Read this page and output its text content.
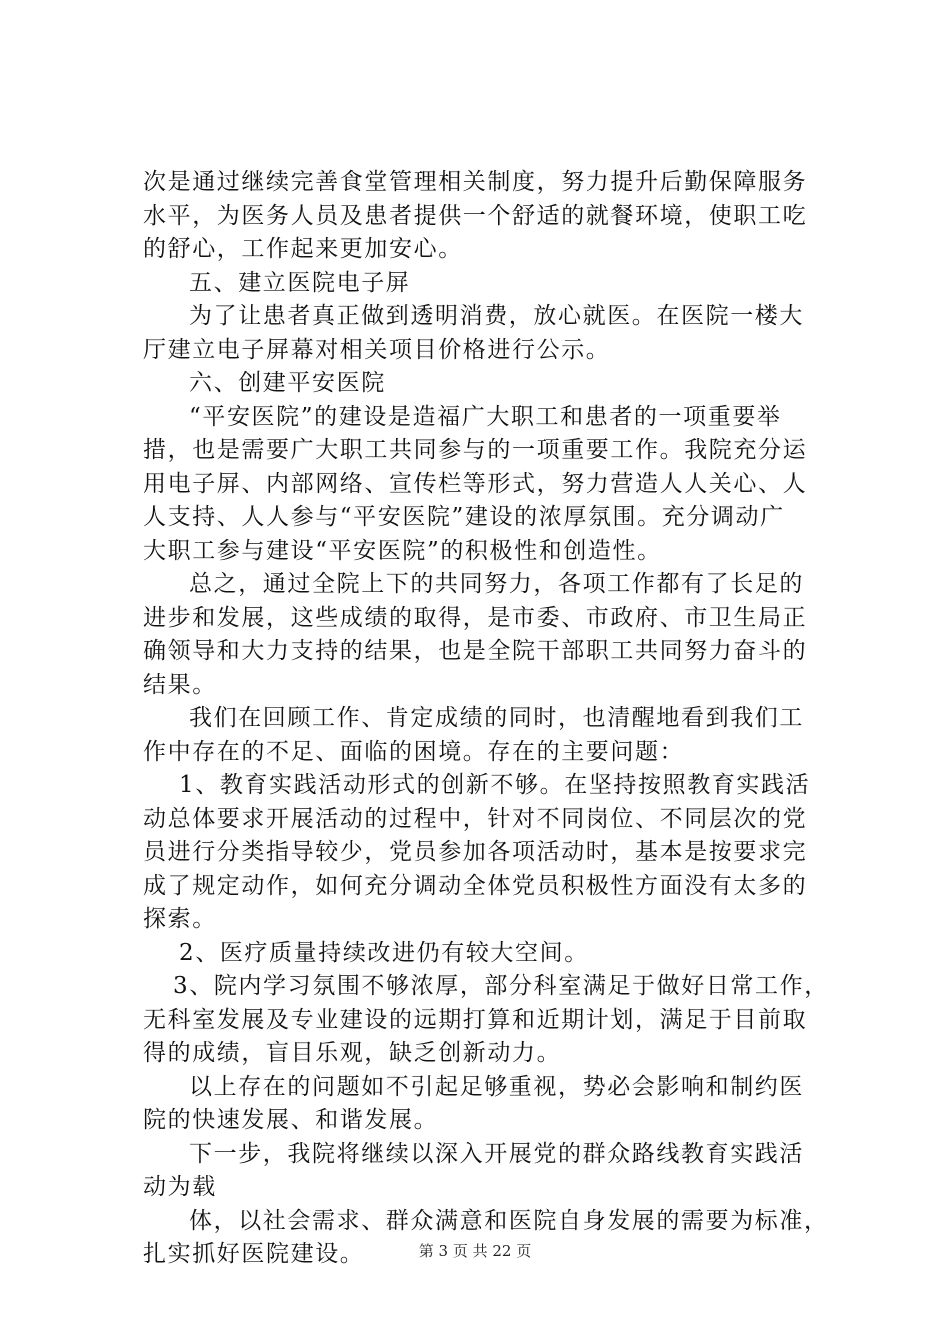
次是通过继续完善食堂管理相关制度，努力提升后勤保障服务
水平，为医务人员及患者提供一个舒适的就餐环境，使职工吃
的舒心，工作起来更加安心。
五、建立医院电子屏
为了让患者真正做到透明消费，放心就医。在医院一楼大
厅建立电子屏幕对相关项目价格进行公示。
六、创建平安医院
“平安医院”的建设是造福广大职工和患者的一项重要举
措，也是需要广大职工共同参与的一项重要工作。我院充分运
用电子屏、内部网络、宣传栏等形式，努力营造人人关心、人
人支持、人人参与“平安医院”建设的浓厚氛围。充分调动广
大职工参与建设“平安医院”的积极性和创造性。
总之，通过全院上下的共同努力，各项工作都有了长足的
进步和发展，这些成绩的取得，是市委、市政府、市卫生局正
确领导和大力支持的结果，也是全院干部职工共同努力奋斗的
结果。
我们在回顾工作、肯定成绩的同时，也清醒地看到我们工
作中存在的不足、面临的困境。存在的主要问题：
1、教育实践活动形式的创新不够。在坚持按照教育实践活
动总体要求开展活动的过程中，针对不同岗位、不同层次的党
员进行分类指导较少，党员参加各项活动时，基本是按要求完
成了规定动作，如何充分调动全体党员积极性方面没有太多的
探索。
2、医疗质量持续改进仍有较大空间。
3、院内学习氛围不够浓厚，部分科室满足于做好日常工作，
无科室发展及专业建设的远期打算和近期计划，满足于目前取
得的成绩，盲目乐观，缺乏创新动力。
以上存在的问题如不引起足够重视，势必会影响和制约医
院的快速发展、和谐发展。
下一步，我院将继续以深入开展党的群众路线教育实践活
动为载
体，以社会需求、群众满意和医院自身发展的需要为标准，
扎实抓好医院建设。	第 3 页 共 22 页
